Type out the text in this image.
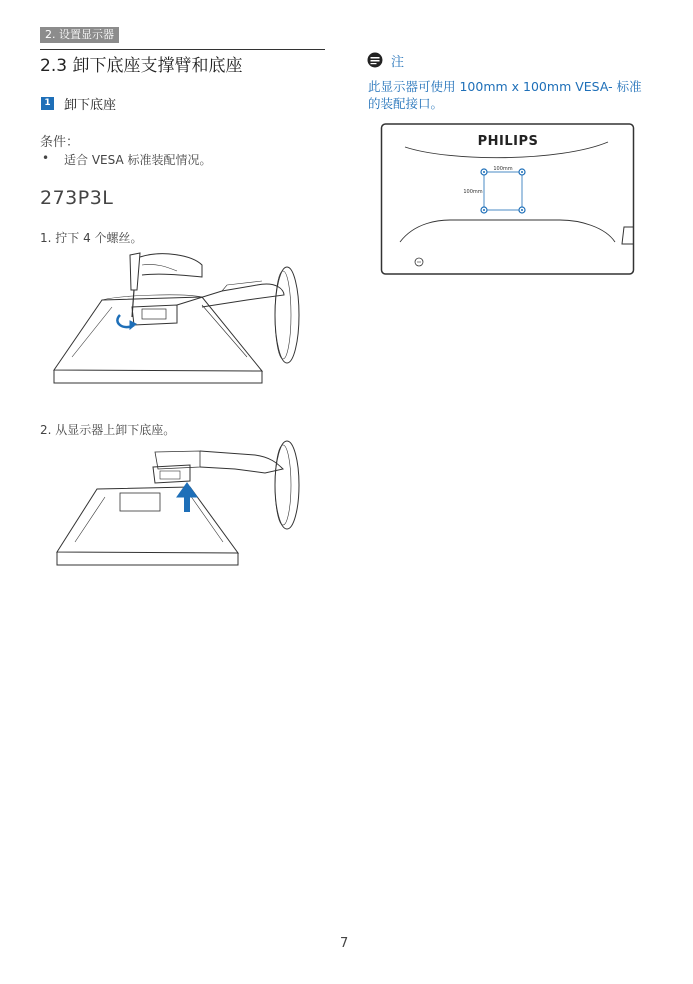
2. 设置显示器
2.3 卸下底座支撑臂和底座
1 卸下底座
条件：
• 适合 VESA 标准装配情况。
273P3L
1. 拧下 4 个螺丝。
2. 从显示器上卸下底座。
注
此显示器可使用 100mm x 100mm VESA- 标准的装配接口。
PHILIPS
100mm
100mm
7
